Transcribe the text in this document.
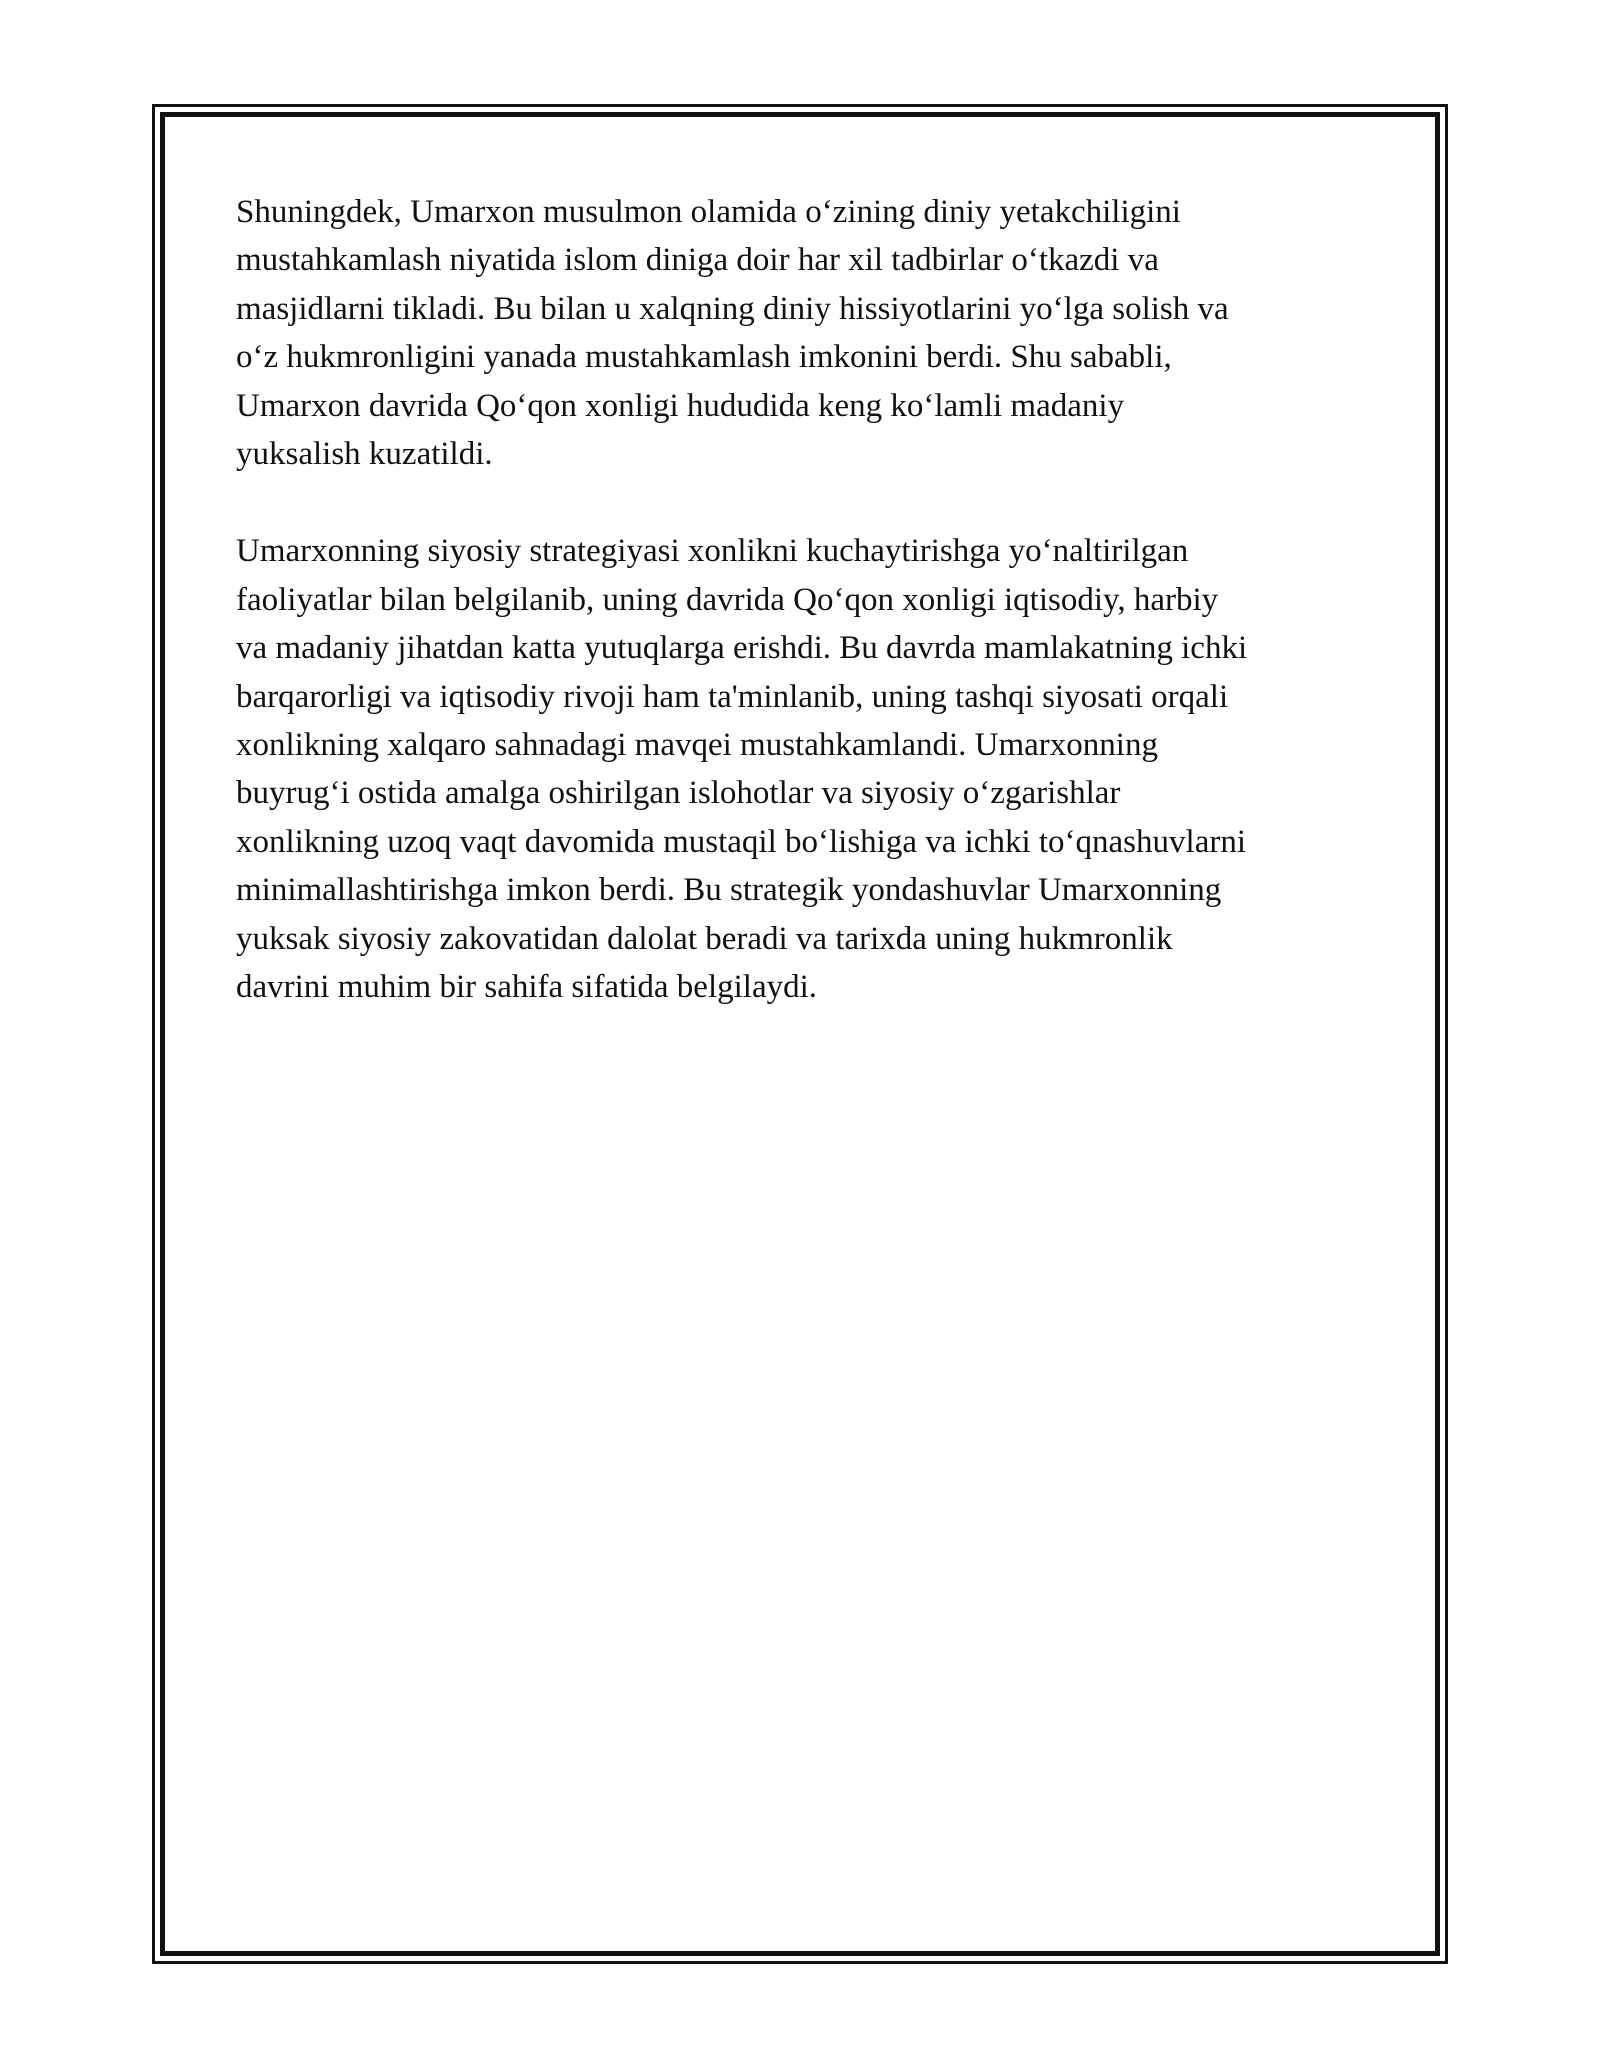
Shuningdek, Umarxon musulmon olamida o‘zining diniy yetakchiligini
mustahkamlash niyatida islom diniga doir har xil tadbirlar o‘tkazdi va
masjidlarni tikladi. Bu bilan u xalqning diniy hissiyotlarini yo‘lga solish va
o‘z hukmronligini yanada mustahkamlash imkonini berdi. Shu sababli,
Umarxon davrida Qo‘qon xonligi hududida keng ko‘lamli madaniy
yuksalish kuzatildi.

Umarxonning siyosiy strategiyasi xonlikni kuchaytirishga yo‘naltirilgan
faoliyatlar bilan belgilanib, uning davrida Qo‘qon xonligi iqtisodiy, harbiy
va madaniy jihatdan katta yutuqlarga erishdi. Bu davrda mamlakatning ichki
barqarorligi va iqtisodiy rivoji ham ta'minlanib, uning tashqi siyosati orqali
xonlikning xalqaro sahnadagi mavqei mustahkamlandi. Umarxonning
buyrug‘i ostida amalga oshirilgan islohotlar va siyosiy o‘zgarishlar
xonlikning uzoq vaqt davomida mustaqil bo‘lishiga va ichki to‘qnashuvlarni
minimallashtirishga imkon berdi. Bu strategik yondashuvlar Umarxonning
yuksak siyosiy zakovatidan dalolat beradi va tarixda uning hukmronlik
davrini muhim bir sahifa sifatida belgilaydi.
